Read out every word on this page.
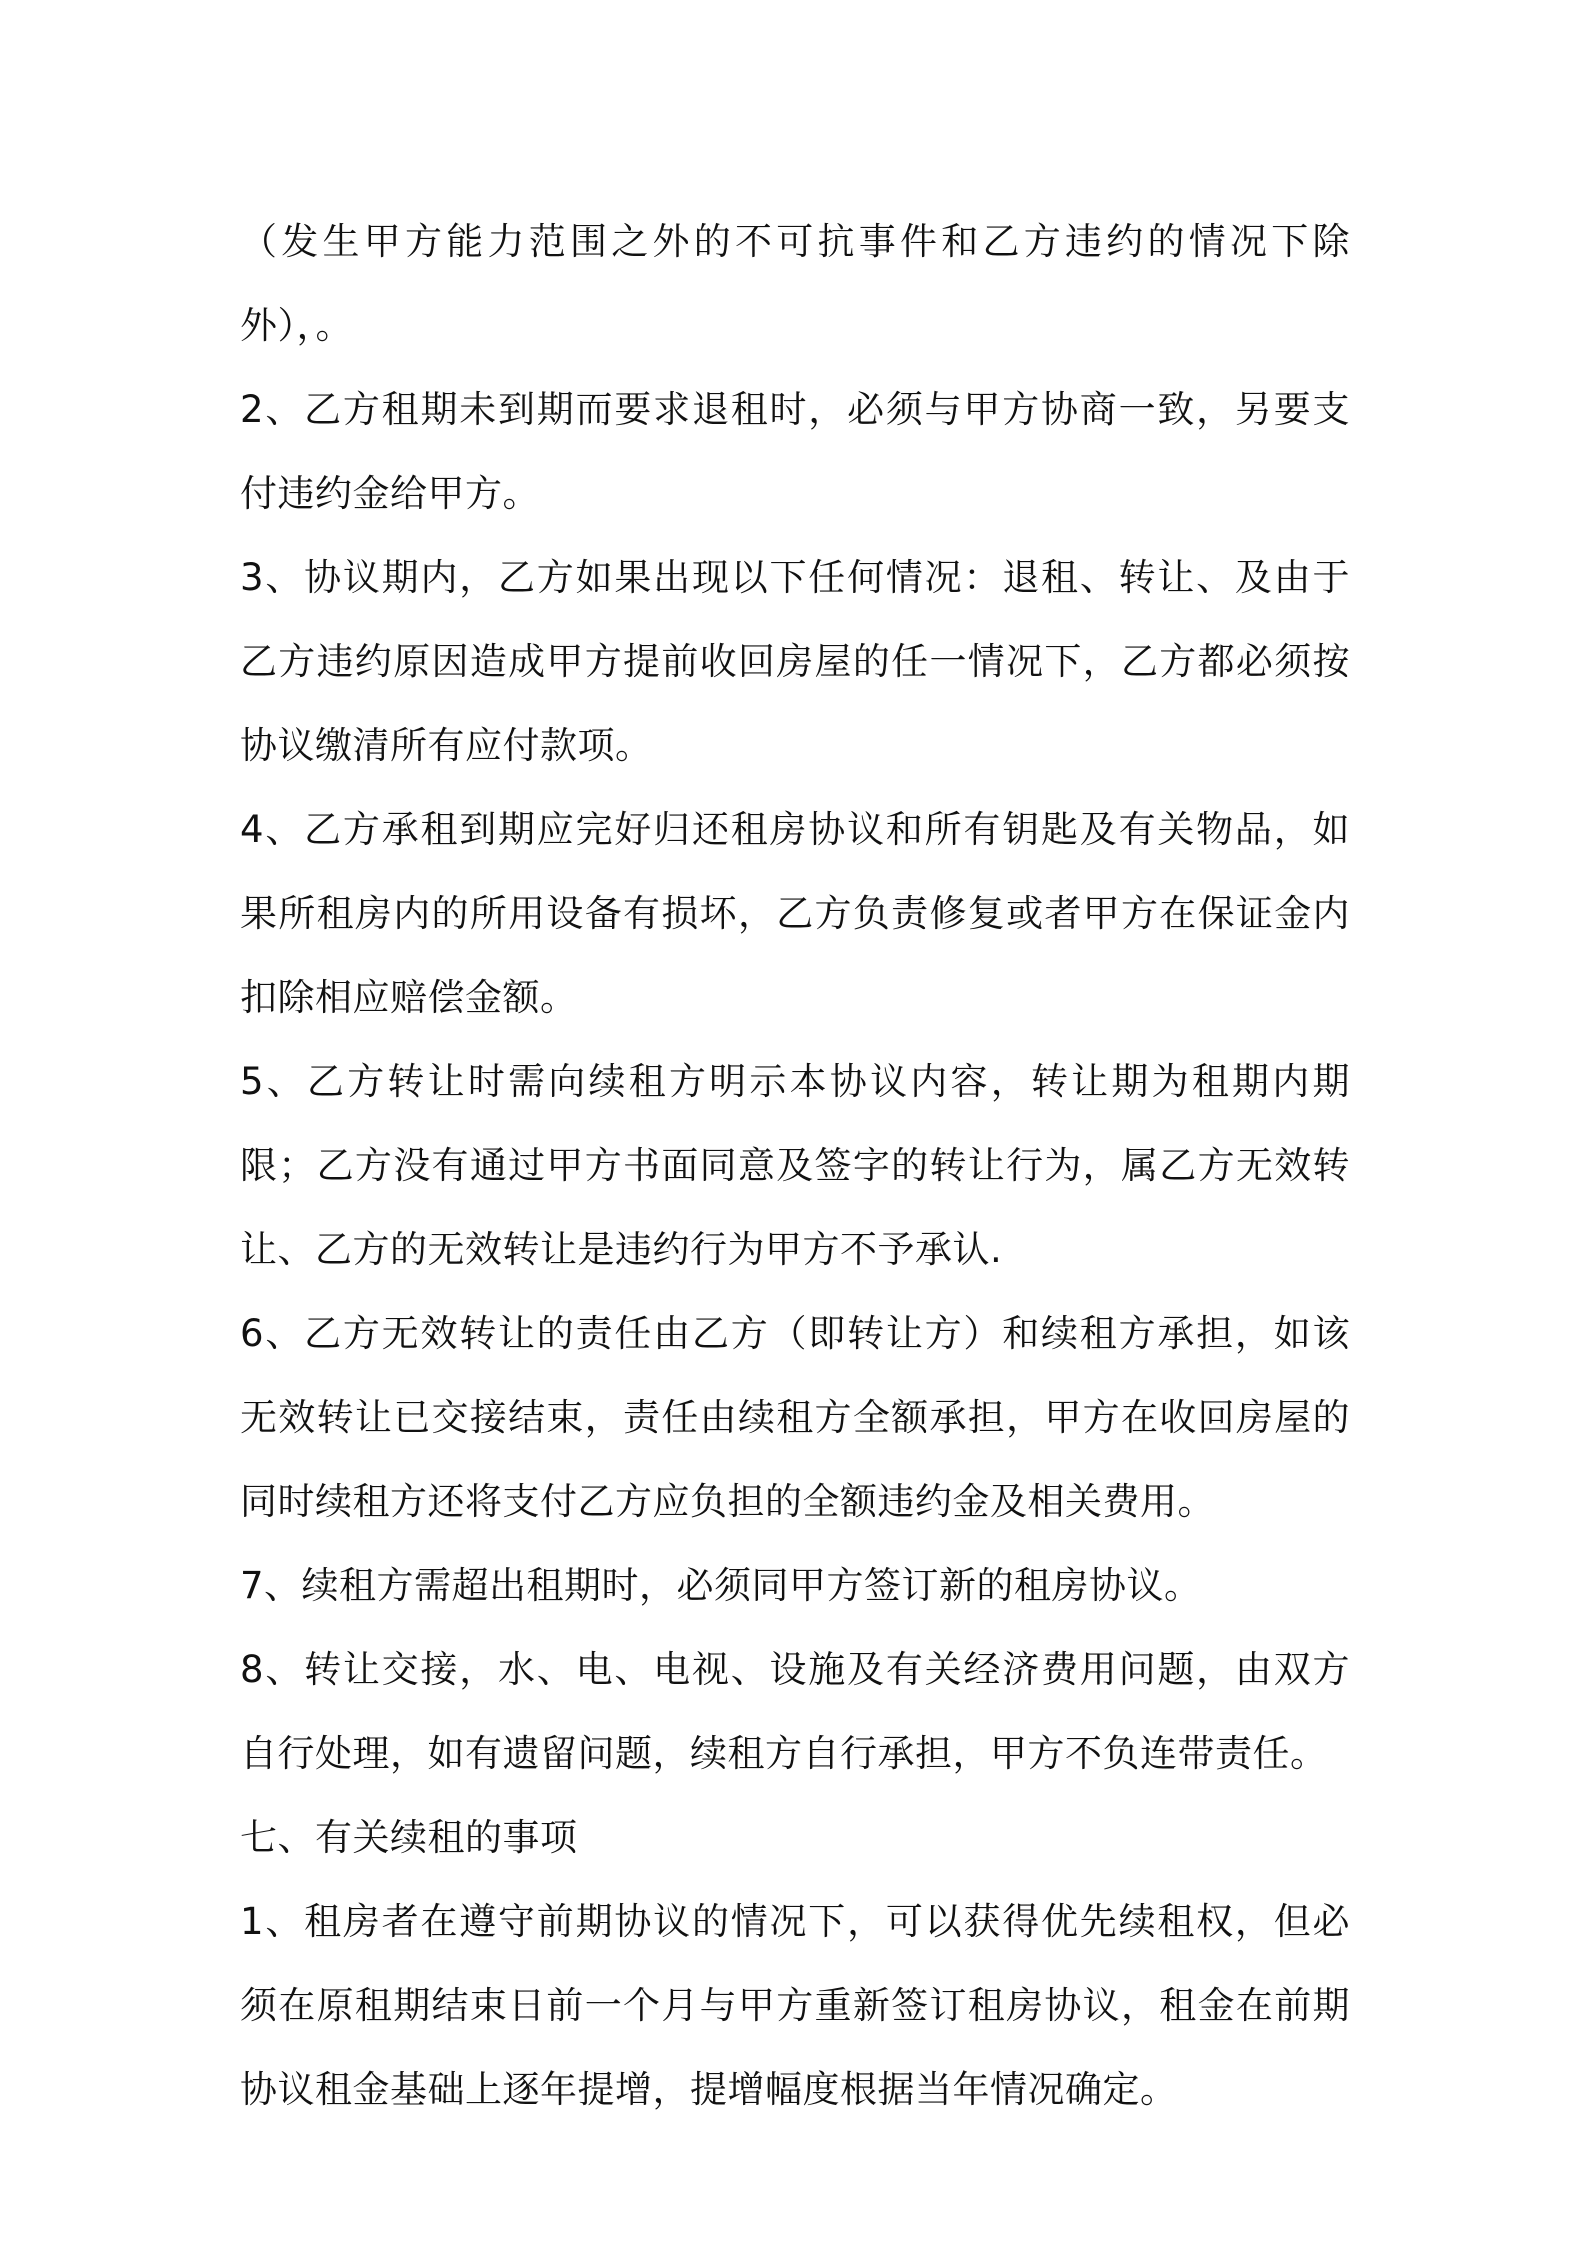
（发生甲方能力范围之外的不可抗事件和乙方违约的情况下除外），。

2、乙方租期未到期而要求退租时，必须与甲方协商一致，另要支付违约金给甲方。

3、协议期内，乙方如果出现以下任何情况：退租、转让、及由于乙方违约原因造成甲方提前收回房屋的任一情况下，乙方都必须按协议缴清所有应付款项。

4、乙方承租到期应完好归还租房协议和所有钥匙及有关物品，如果所租房内的所用设备有损坏，乙方负责修复或者甲方在保证金内扣除相应赔偿金额。

5、乙方转让时需向续租方明示本协议内容，转让期为租期内期限；乙方没有通过甲方书面同意及签字的转让行为，属乙方无效转让、乙方的无效转让是违约行为甲方不予承认.

6、乙方无效转让的责任由乙方（即转让方）和续租方承担，如该无效转让已交接结束，责任由续租方全额承担，甲方在收回房屋的同时续租方还将支付乙方应负担的全额违约金及相关费用。

7、续租方需超出租期时，必须同甲方签订新的租房协议。

8、转让交接，水、电、电视、设施及有关经济费用问题，由双方自行处理，如有遗留问题，续租方自行承担，甲方不负连带责任。

七、有关续租的事项

1、租房者在遵守前期协议的情况下，可以获得优先续租权，但必须在原租期结束日前一个月与甲方重新签订租房协议，租金在前期协议租金基础上逐年提增，提增幅度根据当年情况确定。
